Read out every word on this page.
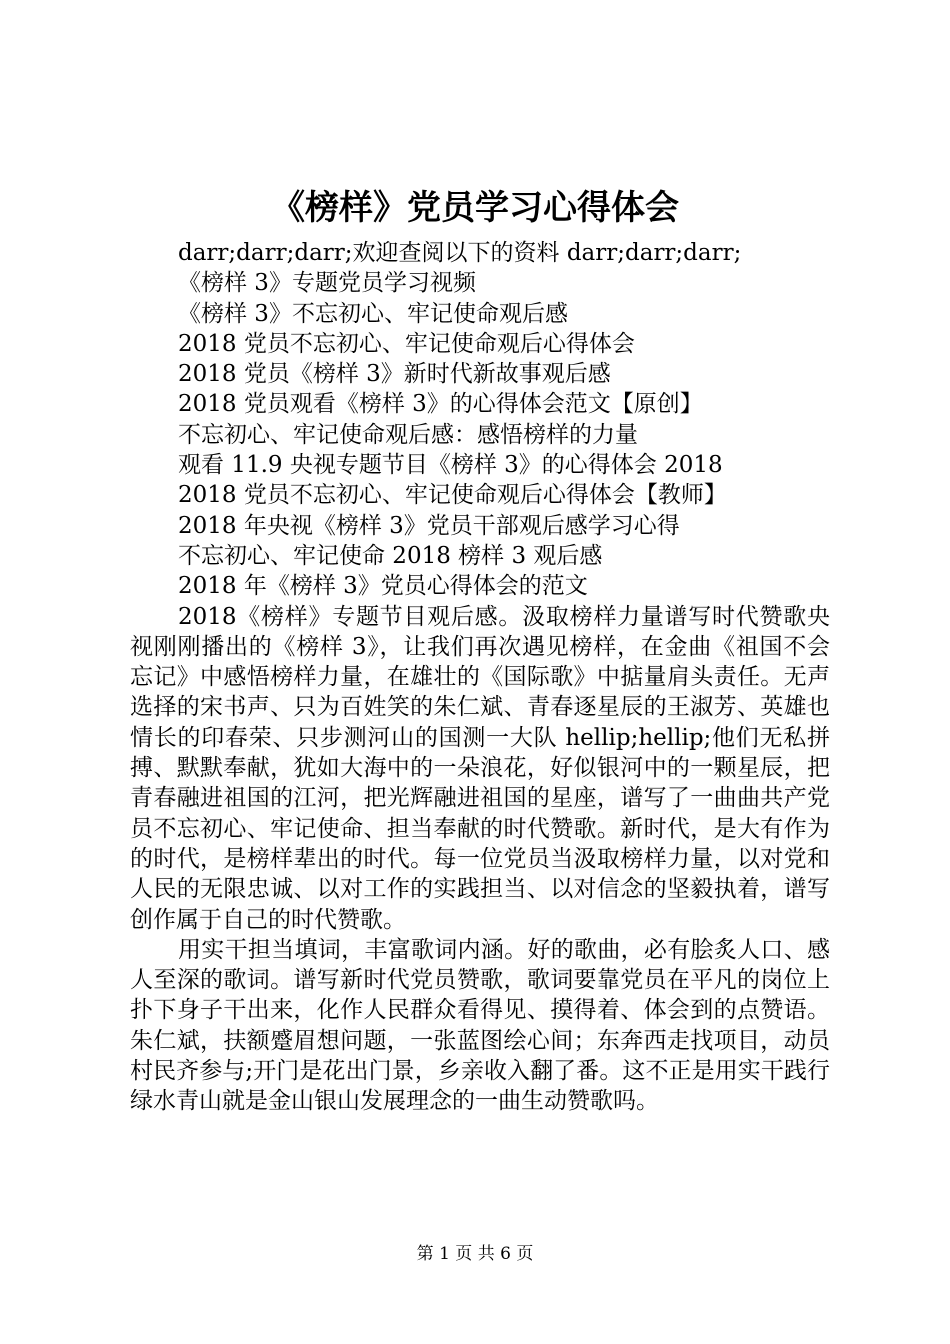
《榜样》党员学习心得体会
darr;darr;darr;欢迎查阅以下的资料 darr;darr;darr;
《榜样 3》专题党员学习视频
《榜样 3》不忘初心、牢记使命观后感
2018 党员不忘初心、牢记使命观后心得体会
2018 党员《榜样 3》新时代新故事观后感
2018 党员观看《榜样 3》的心得体会范文【原创】
不忘初心、牢记使命观后感：感悟榜样的力量
观看 11.9 央视专题节目《榜样 3》的心得体会 2018
2018 党员不忘初心、牢记使命观后心得体会【教师】
2018 年央视《榜样 3》党员干部观后感学习心得
不忘初心、牢记使命 2018 榜样 3 观后感
2018 年《榜样 3》党员心得体会的范文

2018《榜样》专题节目观后感。汲取榜样力量谱写时代赞歌央视刚刚播出的《榜样 3》，让我们再次遇见榜样，在金曲《祖国不会忘记》中感悟榜样力量，在雄壮的《国际歌》中掂量肩头责任。无声选择的宋书声、只为百姓笑的朱仁斌、青春逐星辰的王淑芳、英雄也情长的印春荣、只步测河山的国测一大队 hellip;hellip;他们无私拼搏、默默奉献，犹如大海中的一朵浪花，好似银河中的一颗星辰，把青春融进祖国的江河，把光辉融进祖国的星座，谱写了一曲曲共产党员不忘初心、牢记使命、担当奉献的时代赞歌。新时代，是大有作为的时代，是榜样辈出的时代。每一位党员当汲取榜样力量，以对党和人民的无限忠诚、以对工作的实践担当、以对信念的坚毅执着，谱写创作属于自己的时代赞歌。

用实干担当填词，丰富歌词内涵。好的歌曲，必有脍炙人口、感人至深的歌词。谱写新时代党员赞歌，歌词要靠党员在平凡的岗位上扑下身子干出来，化作人民群众看得见、摸得着、体会到的点赞语。朱仁斌，扶额蹙眉想问题，一张蓝图绘心间；东奔西走找项目，动员村民齐参与;开门是花出门景，乡亲收入翻了番。这不正是用实干践行绿水青山就是金山银山发展理念的一曲生动赞歌吗。

第 1 页 共 6 页
